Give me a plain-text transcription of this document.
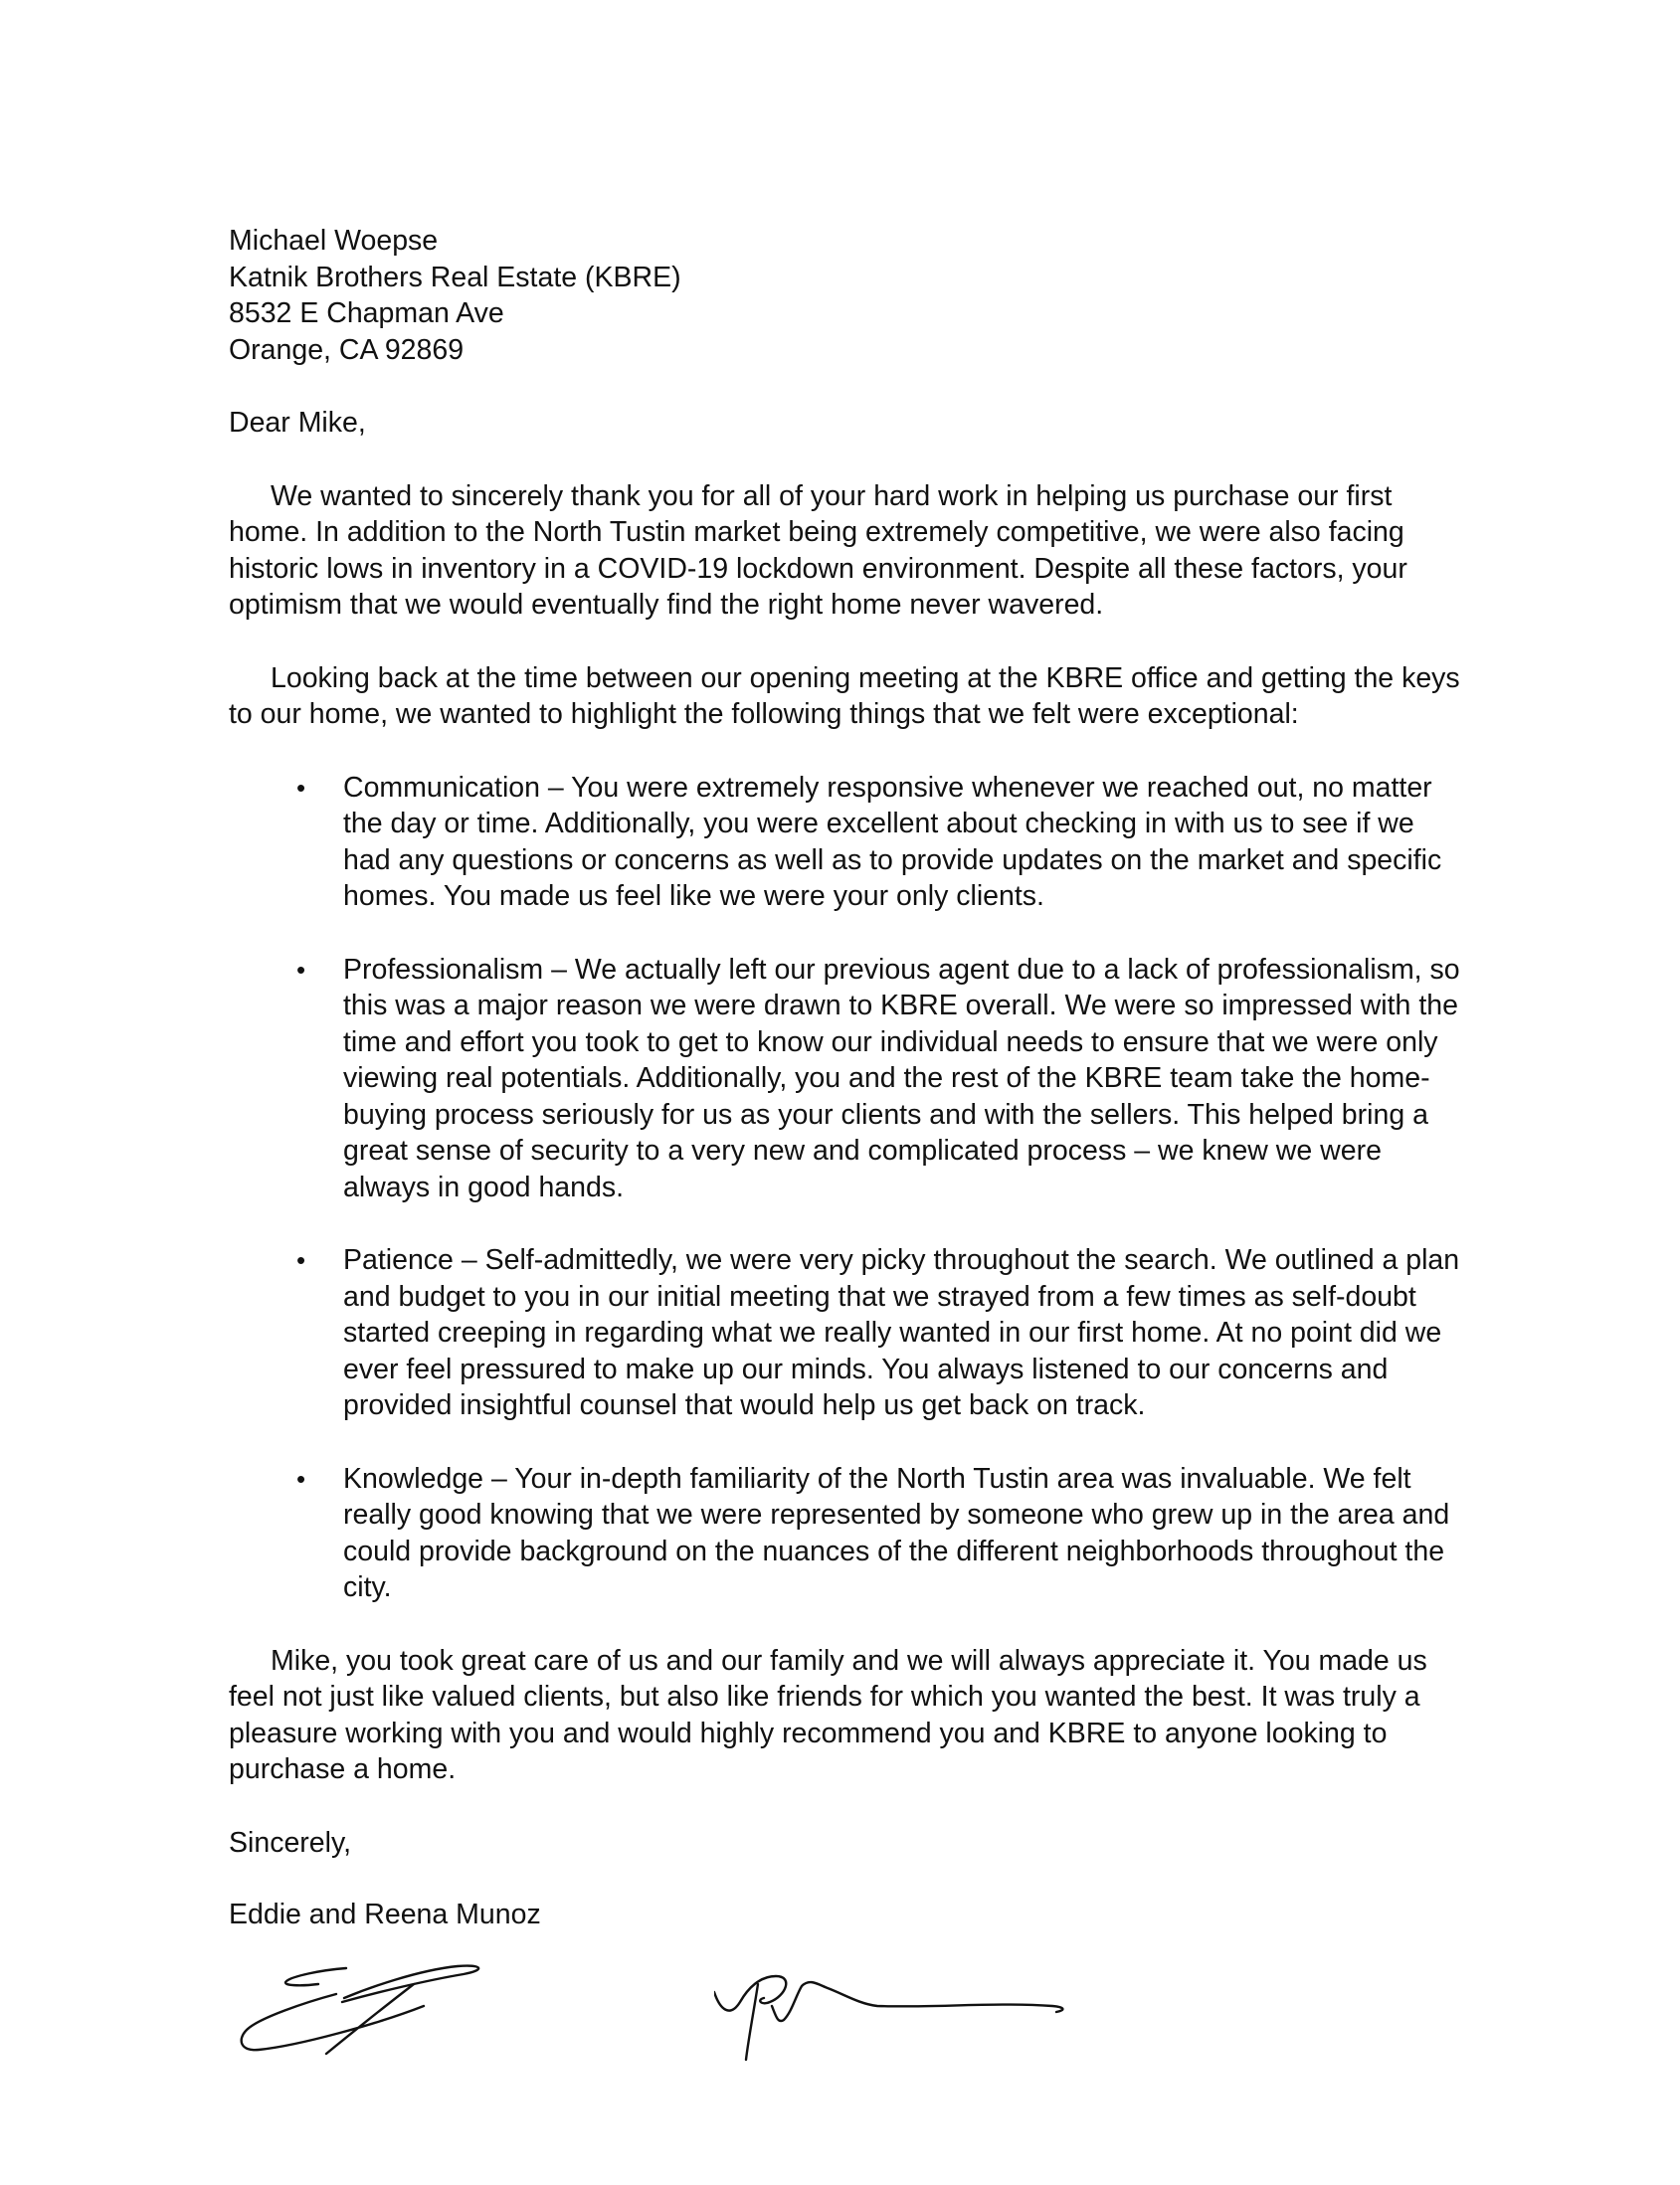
Michael Woepse
Katnik Brothers Real Estate (KBRE)
8532 E Chapman Ave
Orange, CA 92869
Dear Mike,

We wanted to sincerely thank you for all of your hard work in helping us purchase our first home. In addition to the North Tustin market being extremely competitive, we were also facing historic lows in inventory in a COVID-19 lockdown environment. Despite all these factors, your optimism that we would eventually find the right home never wavered.

Looking back at the time between our opening meeting at the KBRE office and getting the keys to our home, we wanted to highlight the following things that we felt were exceptional:

• Communication – You were extremely responsive whenever we reached out, no matter the day or time. Additionally, you were excellent about checking in with us to see if we had any questions or concerns as well as to provide updates on the market and specific homes. You made us feel like we were your only clients.
• Professionalism – We actually left our previous agent due to a lack of professionalism, so this was a major reason we were drawn to KBRE overall. We were so impressed with the time and effort you took to get to know our individual needs to ensure that we were only viewing real potentials. Additionally, you and the rest of the KBRE team take the home-buying process seriously for us as your clients and with the sellers. This helped bring a great sense of security to a very new and complicated process – we knew we were always in good hands.
• Patience – Self-admittedly, we were very picky throughout the search. We outlined a plan and budget to you in our initial meeting that we strayed from a few times as self-doubt started creeping in regarding what we really wanted in our first home. At no point did we ever feel pressured to make up our minds. You always listened to our concerns and provided insightful counsel that would help us get back on track.
• Knowledge – Your in-depth familiarity of the North Tustin area was invaluable. We felt really good knowing that we were represented by someone who grew up in the area and could provide background on the nuances of the different neighborhoods throughout the city.

Mike, you took great care of us and our family and we will always appreciate it. You made us feel not just like valued clients, but also like friends for which you wanted the best. It was truly a pleasure working with you and would highly recommend you and KBRE to anyone looking to purchase a home.

Sincerely,
Eddie and Reena Munoz
